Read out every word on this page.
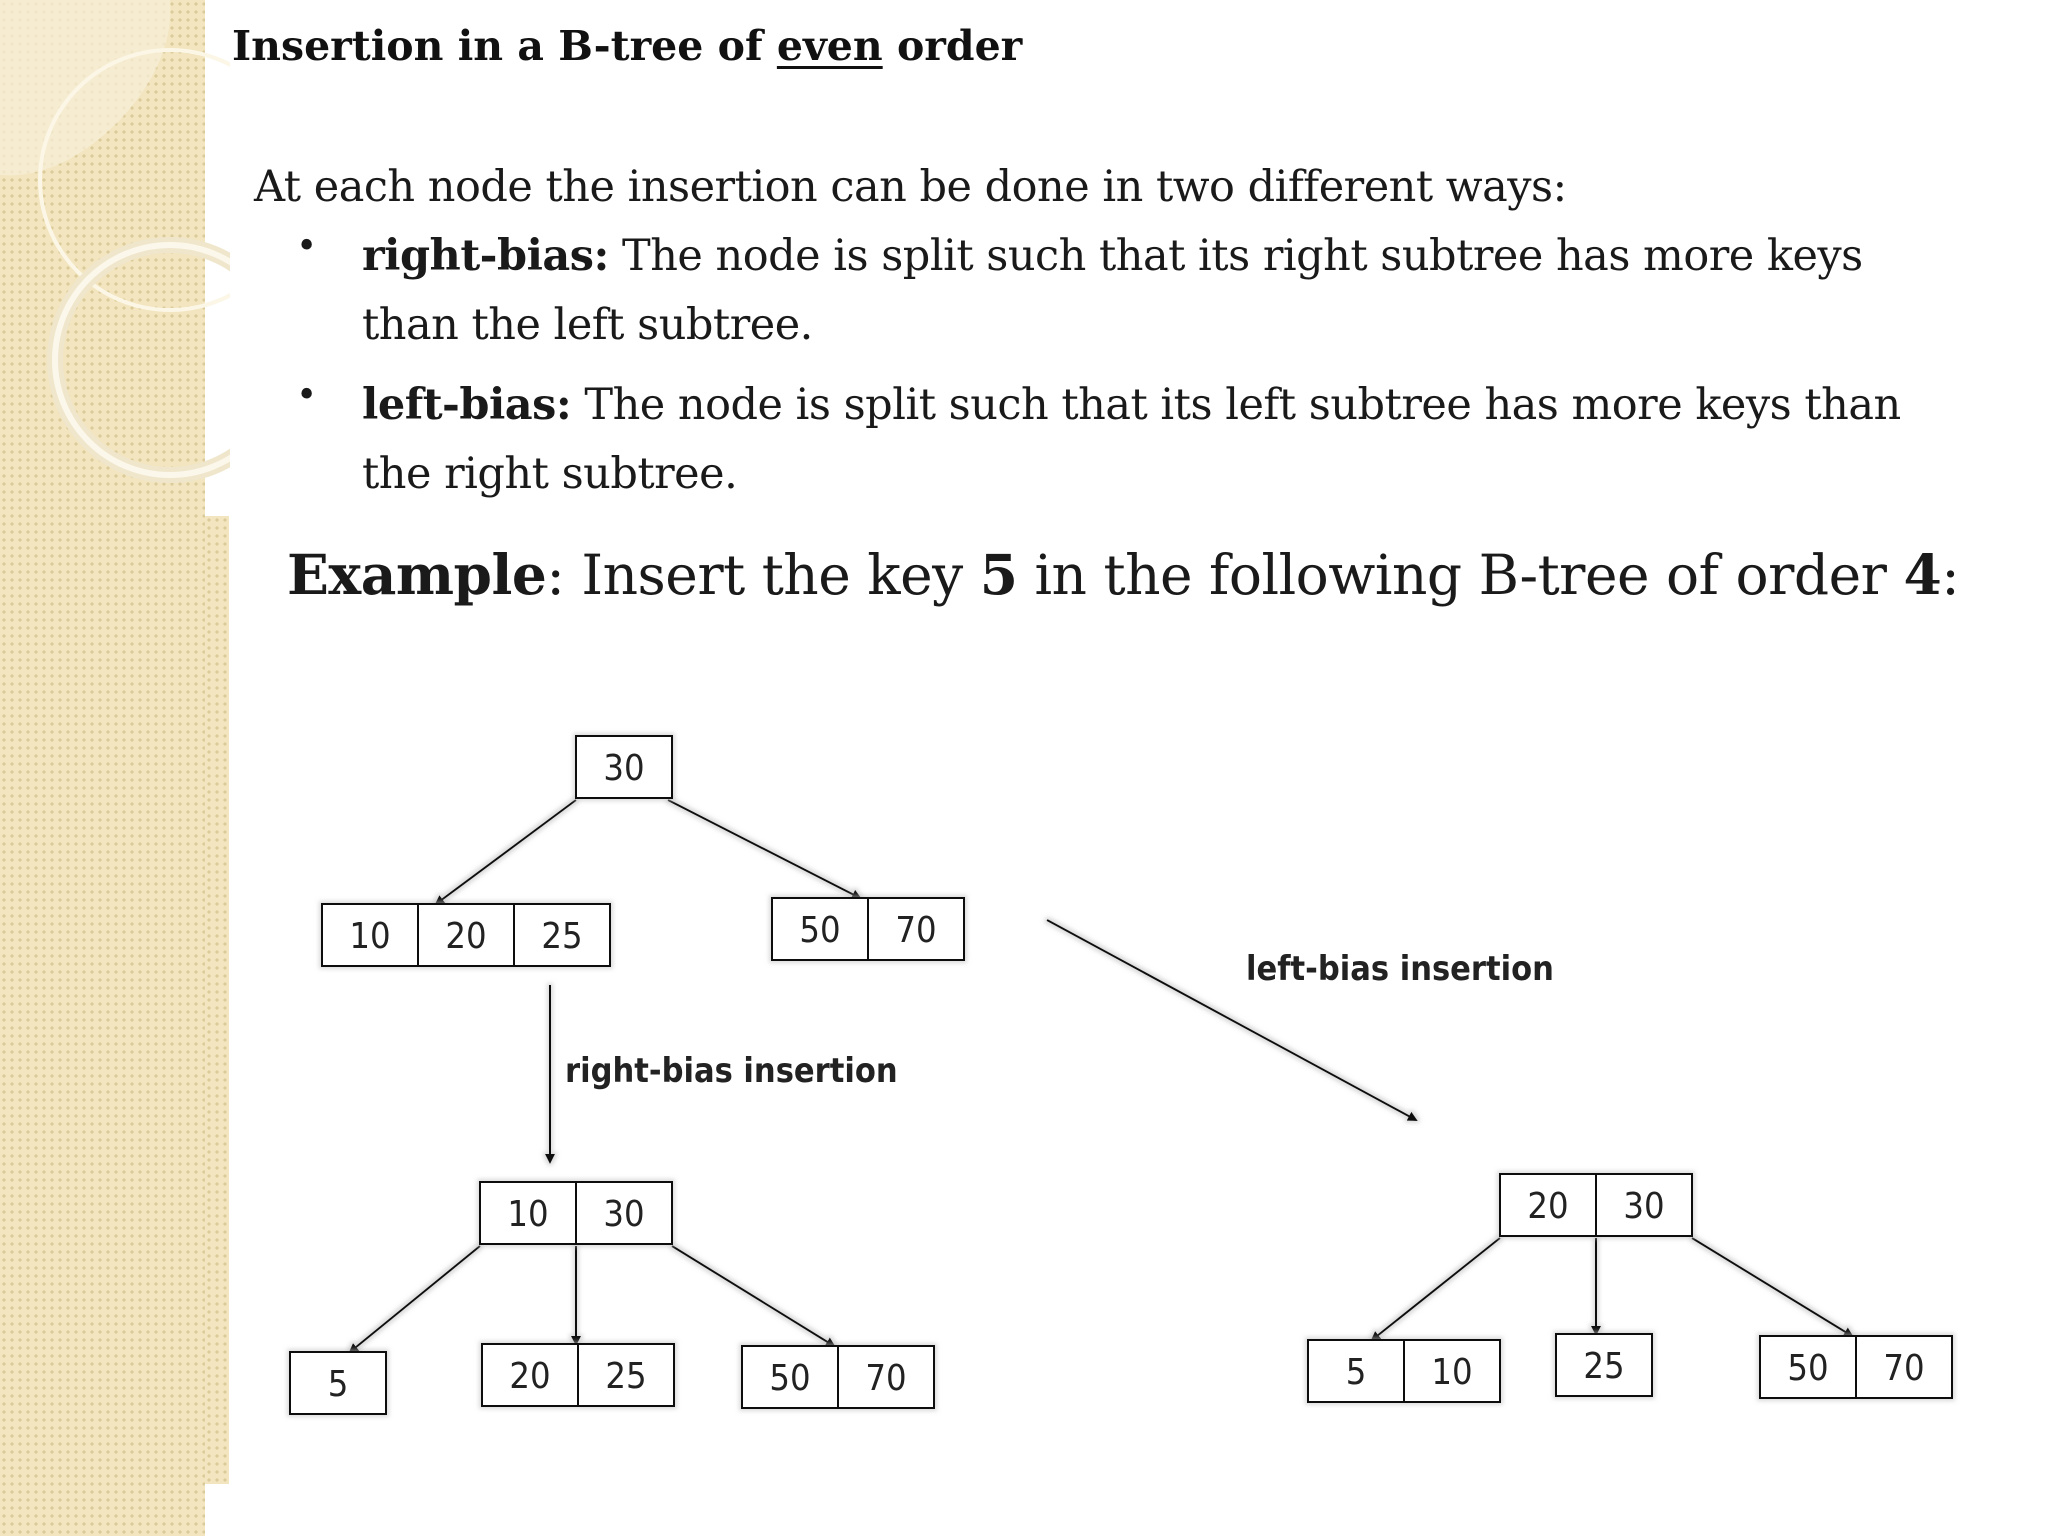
Insertion in a B-tree of even order

At each node the insertion can be done in two different ways:

• right-bias: The node is split such that its right subtree has more keys
than the left subtree.
• left-bias: The node is split such that its left subtree has more keys than
the right subtree.

Example: Insert the key 5 in the following B-tree of order 4:

30
10 20 25	50 70
10 30
5	20 25	50 70
20 30
5 10	25	50 70
right-bias insertion
left-bias insertion
